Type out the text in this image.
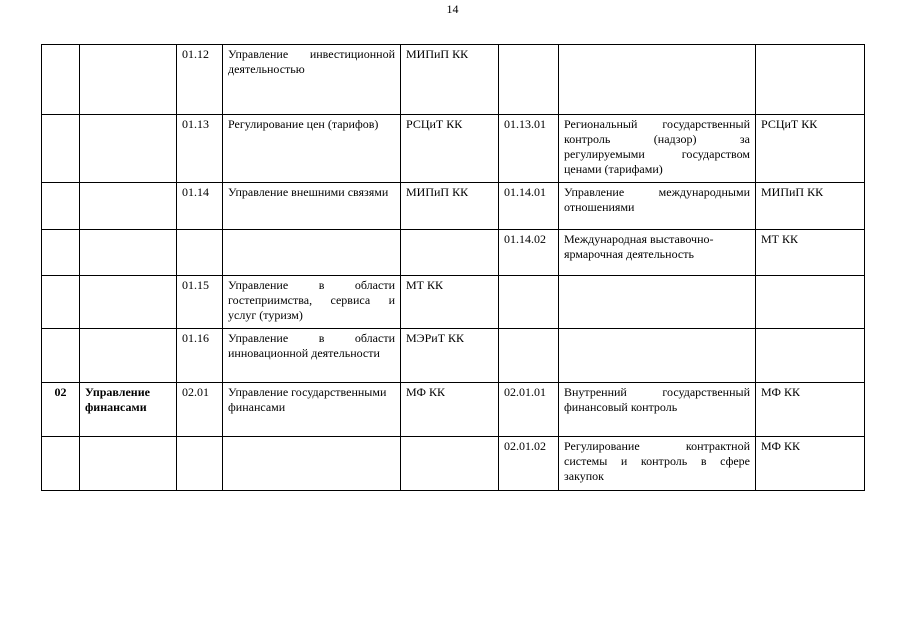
14
		01.12	Управление инвестиционной деятельностью	МИПиП КК			
		01.13	Регулирование цен (тарифов)	РСЦиТ КК	01.13.01	Региональный государственный контроль (надзор) за регулируемыми государством ценами (тарифами)	РСЦиТ КК
		01.14	Управление внешними связями	МИПиП КК	01.14.01	Управление международными отношениями	МИПиП КК
					01.14.02	Международная выставочно-ярмарочная деятельность	МТ КК
		01.15	Управление в области гостеприимства, сервиса и услуг (туризм)	МТ КК			
		01.16	Управление в области инновационной деятельности	МЭРиТ КК			
02	Управление финансами	02.01	Управление государственными финансами	МФ КК	02.01.01	Внутренний государственный финансовый контроль	МФ КК
					02.01.02	Регулирование контрактной системы и контроль в сфере закупок	МФ КК
